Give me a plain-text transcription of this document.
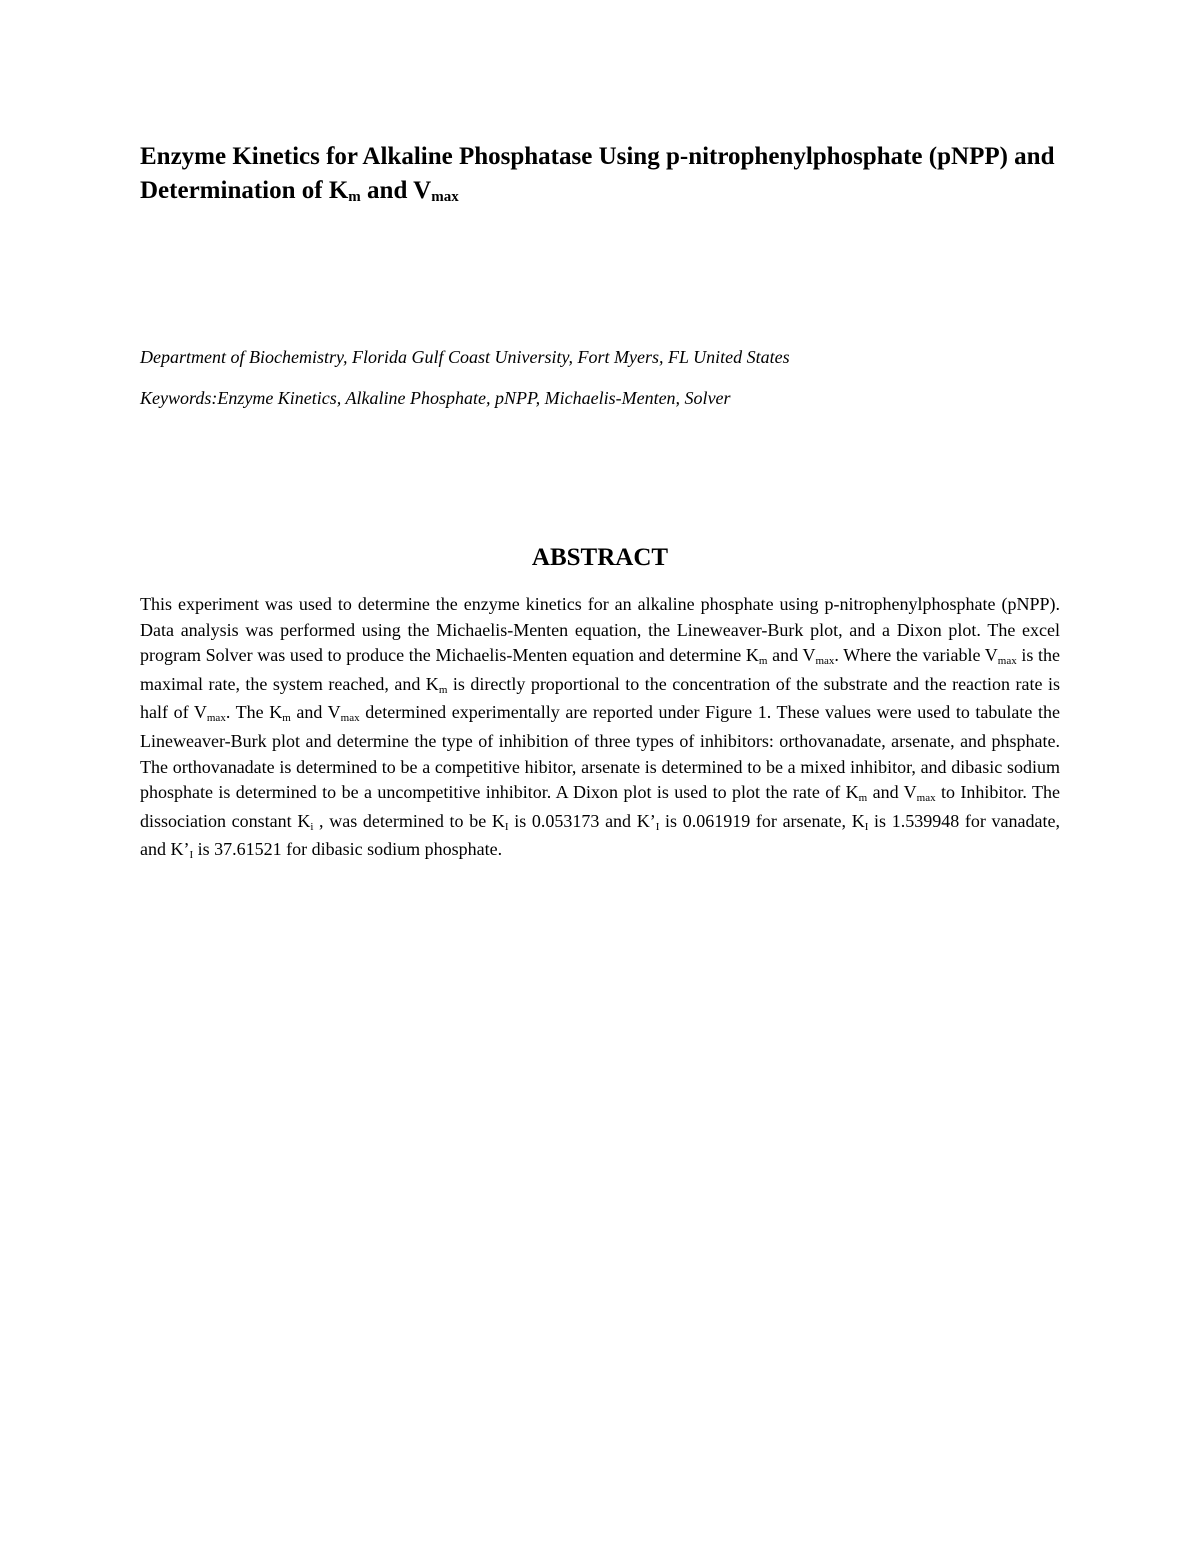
Enzyme Kinetics for Alkaline Phosphatase Using p-nitrophenylphosphate (pNPP) and Determination of $K_m$ and $V_{max}$

Department of Biochemistry, Florida Gulf Coast University, Fort Myers, FL United States

Keywords:Enzyme Kinetics, Alkaline Phosphate, pNPP, Michaelis-Menten, Solver

ABSTRACT

This experiment was used to determine the enzyme kinetics for an alkaline phosphate using p-nitrophenylphosphate (pNPP). Data analysis was performed using the Michaelis-Menten equation, the Lineweaver-Burk plot, and a Dixon plot. The excel program Solver was used to produce the Michaelis-Menten equation and determine $K_m$ and $V_{max}$. Where the variable $V_{max}$ is the maximal rate, the system reached, and $K_m$ is directly proportional to the concentration of the substrate and the reaction rate is half of $V_{max}$. The $K_m$ and $V_{max}$ determined experimentally are reported under Figure 1. These values were used to tabulate the Lineweaver-Burk plot and determine the type of inhibition of three types of inhibitors: orthovanadate, arsenate, and phsphate. The orthovanadate is determined to be a competitive hibitor, arsenate is determined to be a mixed inhibitor, and dibasic sodium phosphate is determined to be a uncompetitive inhibitor. A Dixon plot is used to plot the rate of $K_m$ and $V_{max}$ to Inhibitor. The dissociation constant $K_i$ , was determined to be $K_I$ is 0.053173 and $K’_I$ is 0.061919 for arsenate, $K_I$ is 1.539948 for vanadate, and $K’_I$ is 37.61521 for dibasic sodium phosphate.
